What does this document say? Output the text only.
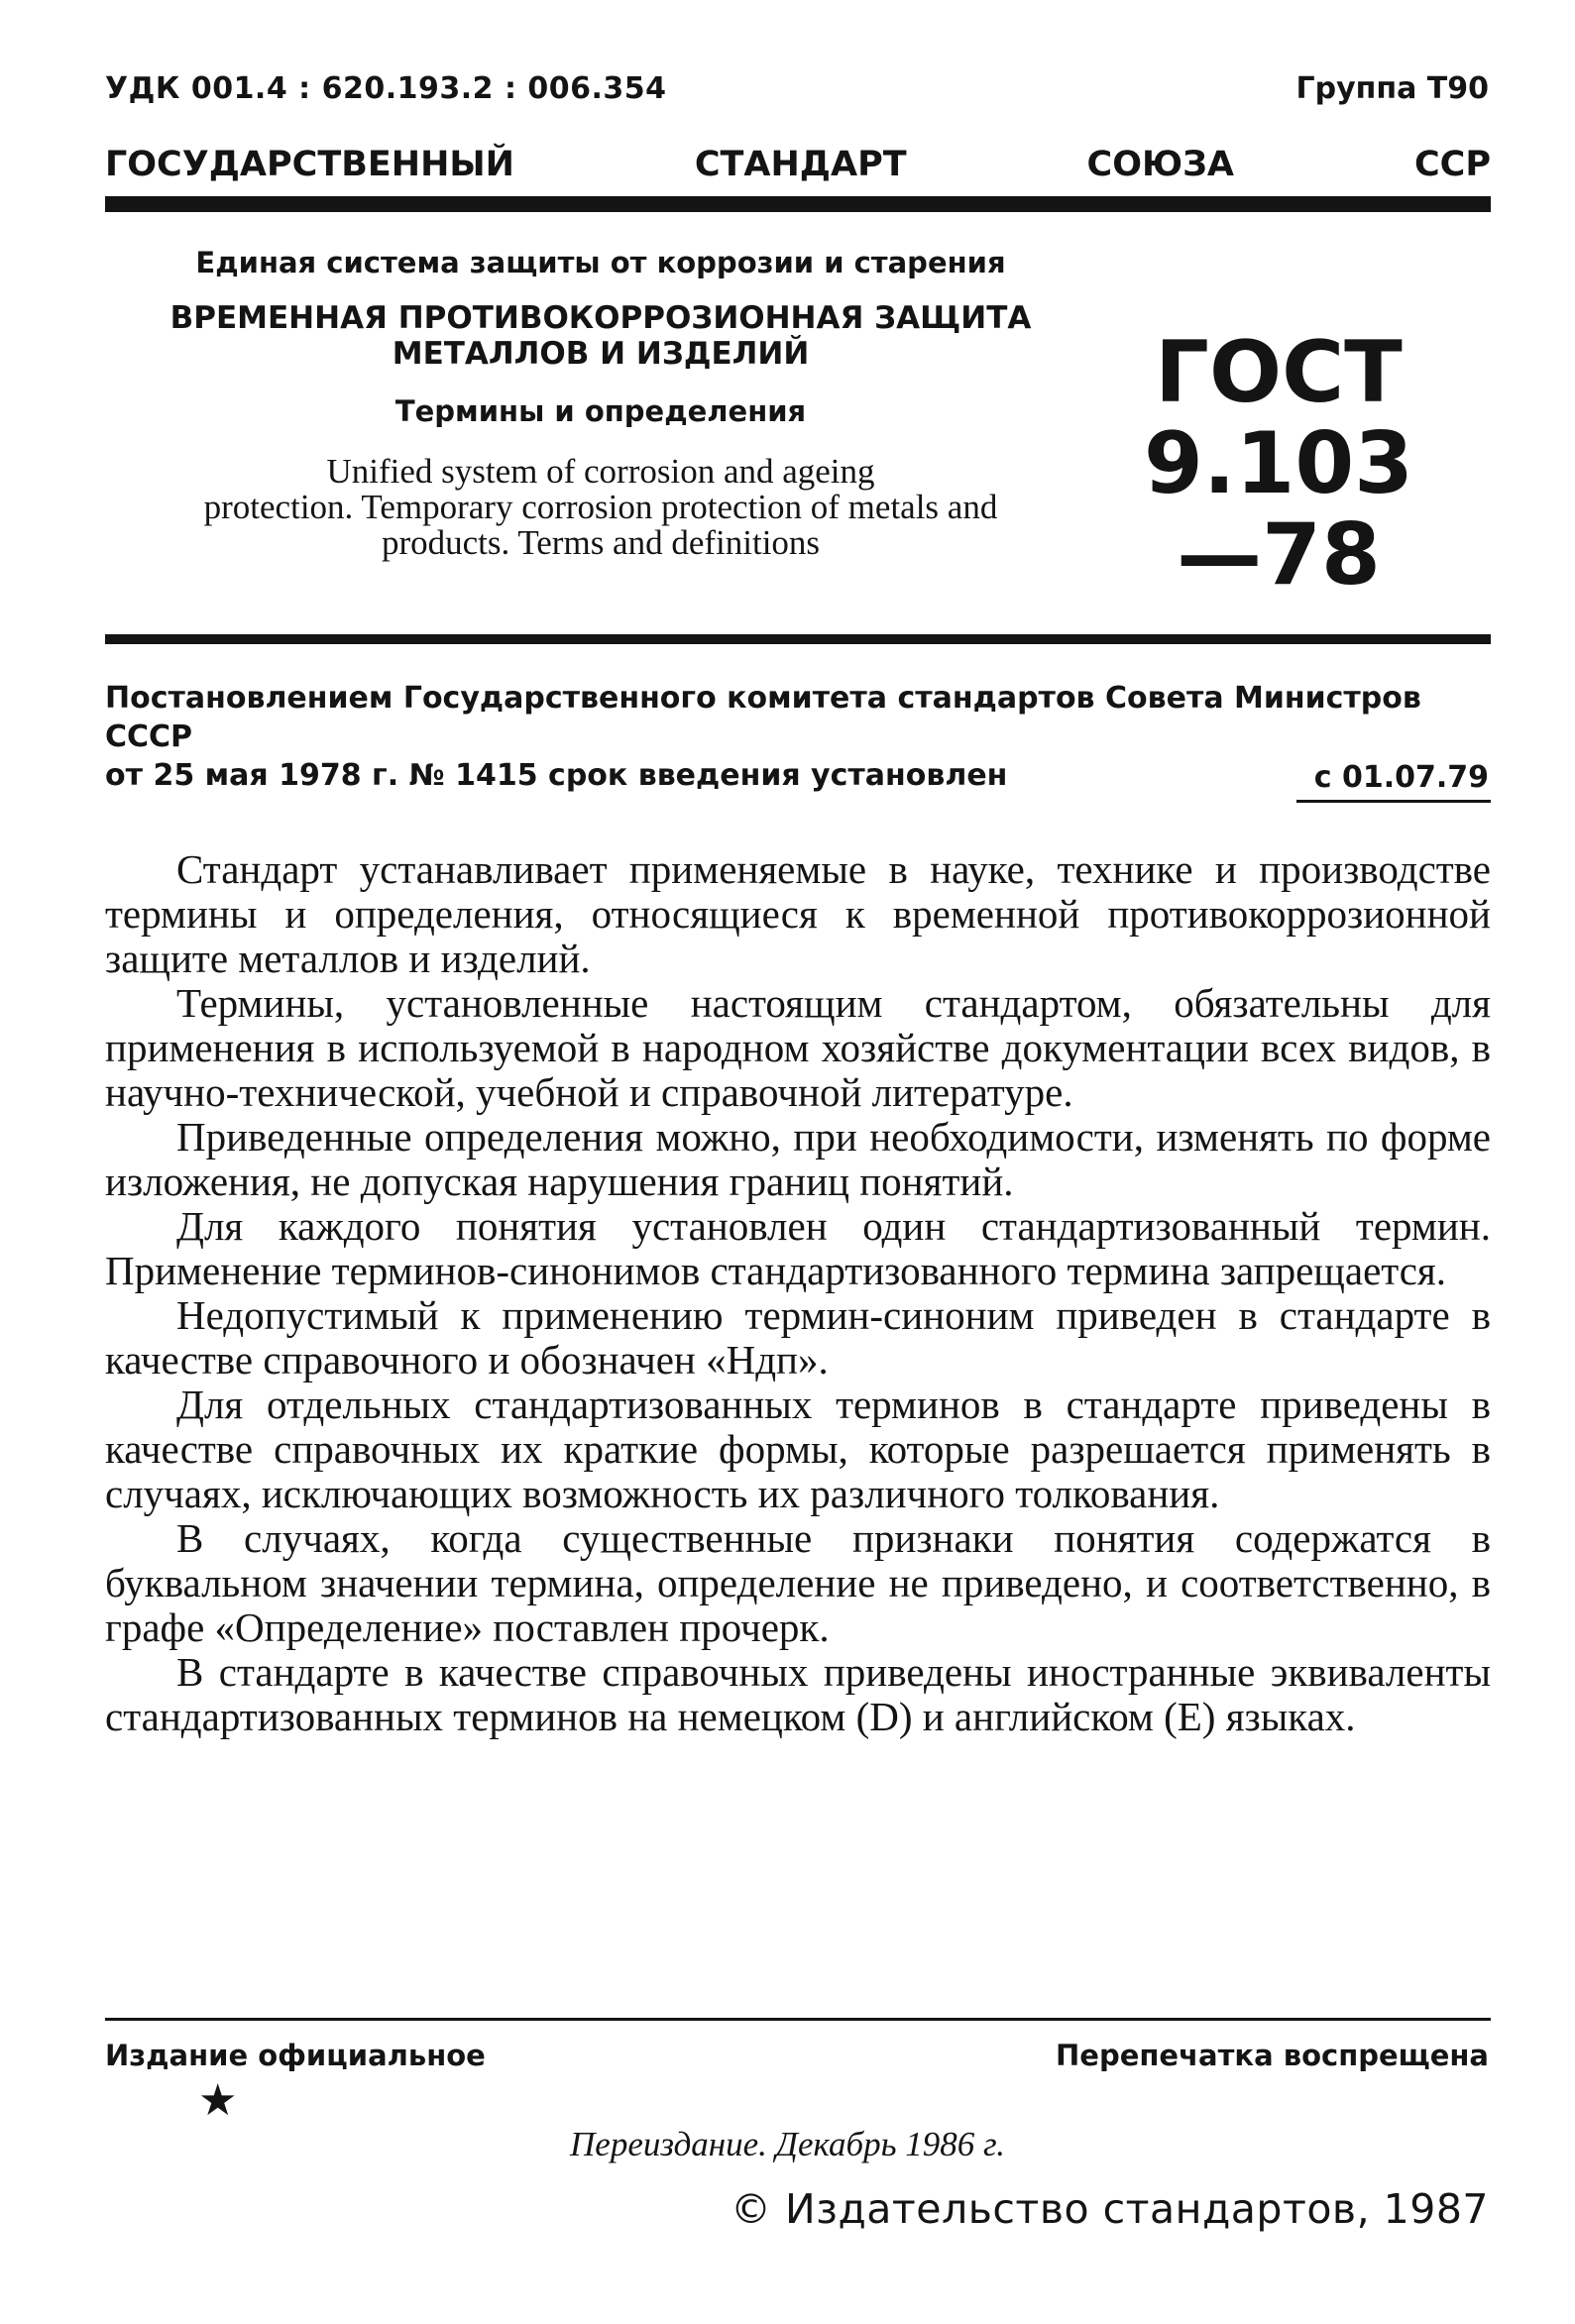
УДК 001.4 : 620.193.2 : 006.354	Группа Т90
ГОСУДАРСТВЕННЫЙ СТАНДАРТ СОЮЗА ССР
Единая система защиты от коррозии и старения
ВРЕМЕННАЯ ПРОТИВОКОРРОЗИОННАЯ ЗАЩИТА
МЕТАЛЛОВ И ИЗДЕЛИЙ
Термины и определения
Unified system of corrosion and ageing
protection. Temporary corrosion protection of metals and
products. Terms and definitions
ГОСТ
9.103—78
Постановлением Государственного комитета стандартов Совета Министров СССР
от 25 мая 1978 г. № 1415 срок введения установлен	с 01.07.79

Стандарт устанавливает применяемые в науке, технике и производстве термины и определения, относящиеся к временной противокоррозионной защите металлов и изделий.

Термины, установленные настоящим стандартом, обязательны для применения в используемой в народном хозяйстве документации всех видов, в научно-технической, учебной и справочной литературе.

Приведенные определения можно, при необходимости, изменять по форме изложения, не допуская нарушения границ понятий.

Для каждого понятия установлен один стандартизованный термин. Применение терминов-синонимов стандартизованного термина запрещается.

Недопустимый к применению термин-синоним приведен в стандарте в качестве справочного и обозначен «Ндп».

Для отдельных стандартизованных терминов в стандарте приведены в качестве справочных их краткие формы, которые разрешается применять в случаях, исключающих возможность их различного толкования.

В случаях, когда существенные признаки понятия содержатся в буквальном значении термина, определение не приведено, и соответственно, в графе «Определение» поставлен прочерк.

В стандарте в качестве справочных приведены иностранные эквиваленты стандартизованных терминов на немецком (D) и английском (E) языках.

Издание официальное	Перепечатка воспрещена
★
Переиздание. Декабрь 1986 г.
© Издательство стандартов, 1987
